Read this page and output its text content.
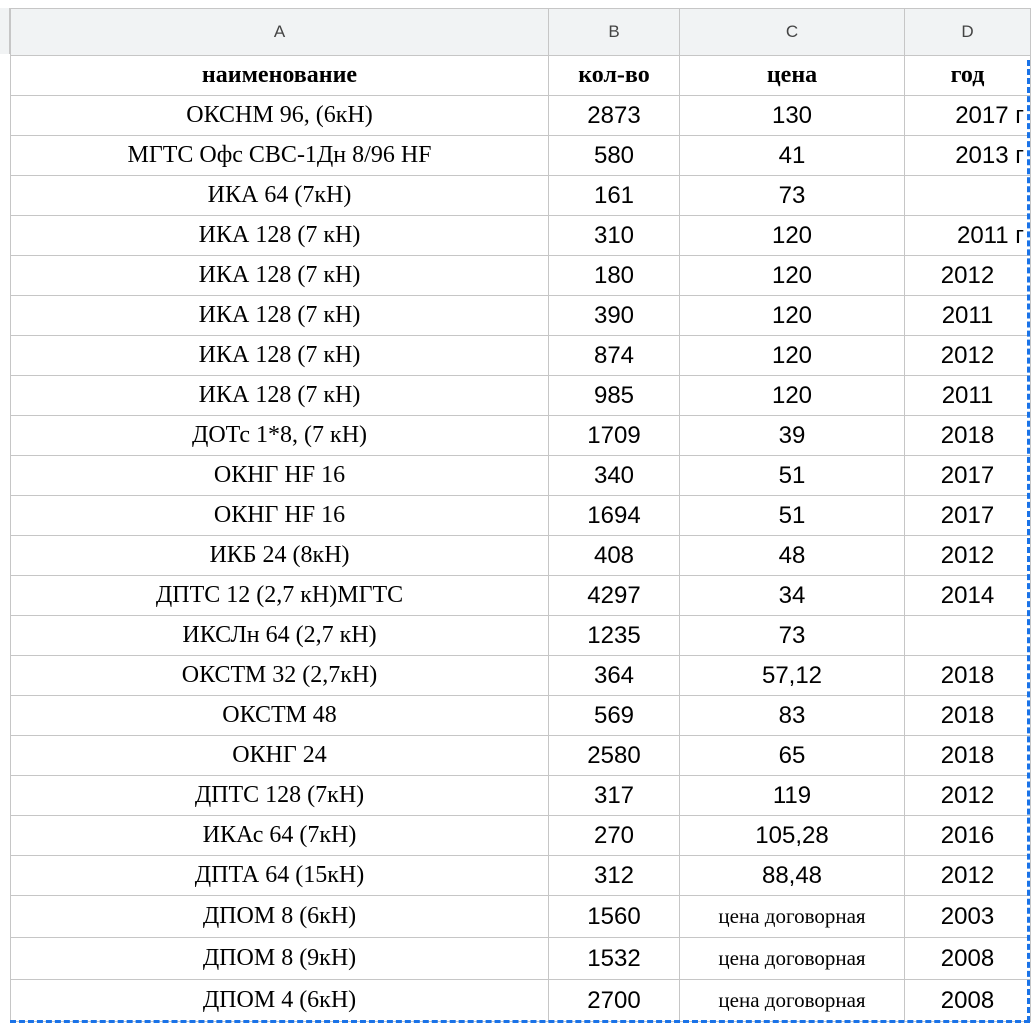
A	B	C	D
наименование	кол-во	цена	год
ОКСНМ 96, (6кН)	2873	130	2017 г
МГТС Офс СВС-1Дн 8/96 HF	580	41	2013 г
ИКА 64 (7кН)	161	73	
ИКА 128 (7 кН)	310	120	2011 г
ИКА 128 (7 кН)	180	120	2012
ИКА 128 (7 кН)	390	120	2011
ИКА 128 (7 кН)	874	120	2012
ИКА 128 (7 кН)	985	120	2011
ДОТс 1*8, (7 кН)	1709	39	2018
ОКНГ HF 16	340	51	2017
ОКНГ HF 16	1694	51	2017
ИКБ 24 (8кН)	408	48	2012
ДПТС 12 (2,7 кН)МГТС	4297	34	2014
ИКСЛн 64 (2,7 кН)	1235	73	
ОКСТМ 32 (2,7кН)	364	57,12	2018
ОКСТМ 48	569	83	2018
ОКНГ 24	2580	65	2018
ДПТС 128 (7кН)	317	119	2012
ИКАс 64 (7кН)	270	105,28	2016
ДПТА 64 (15кН)	312	88,48	2012
ДПОМ 8 (6кН)	1560	цена договорная	2003
ДПОМ 8 (9кН)	1532	цена договорная	2008
ДПОМ 4 (6кН)	2700	цена договорная	2008
